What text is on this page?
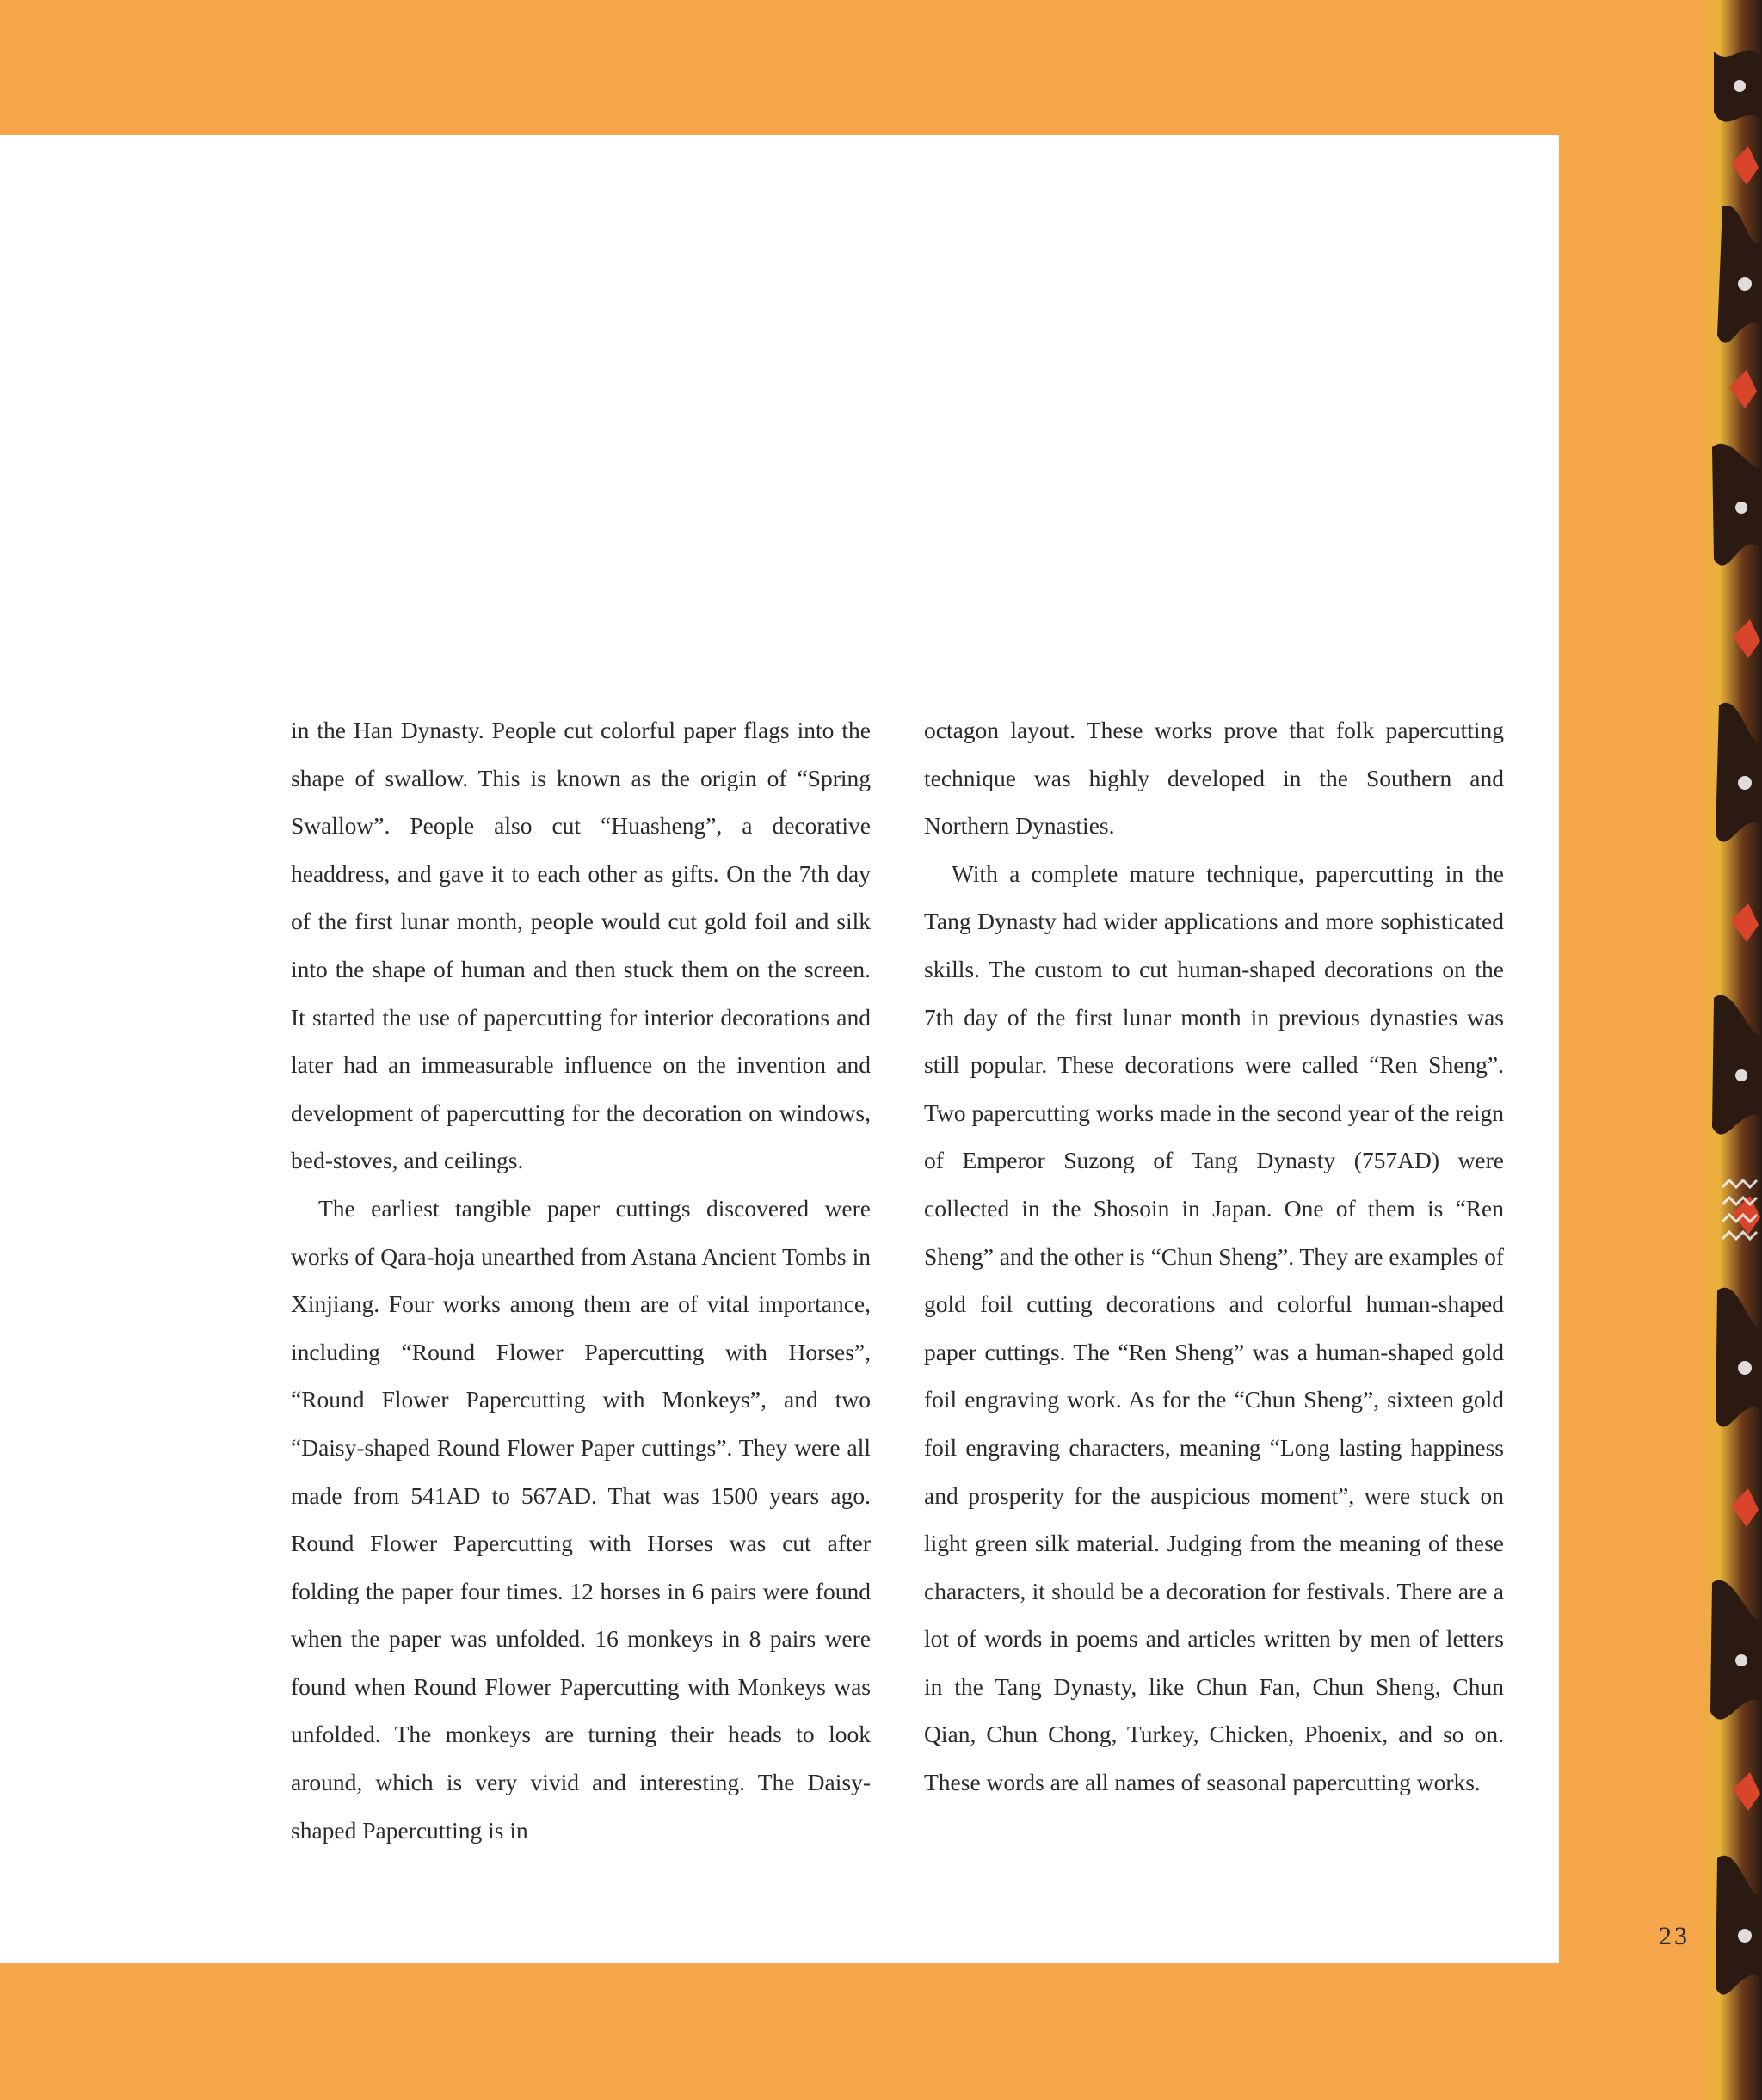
in the Han Dynasty. People cut colorful paper flags into the shape of swallow. This is known as the origin of “Spring Swallow”. People also cut “Huasheng”, a decorative headdress, and gave it to each other as gifts. On the 7th day of the first lunar month, people would cut gold foil and silk into the shape of human and then stuck them on the screen. It started the use of papercutting for interior decorations and later had an immeasurable influence on the invention and development of papercutting for the decoration on windows, bed-stoves, and ceilings.

The earliest tangible paper cuttings discovered were works of Qara-hoja unearthed from Astana Ancient Tombs in Xinjiang. Four works among them are of vital importance, including “Round Flower Papercutting with Horses”, “Round Flower Papercutting with Monkeys”, and two “Daisy-shaped Round Flower Paper cuttings”. They were all made from 541AD to 567AD. That was 1500 years ago. Round Flower Papercutting with Horses was cut after folding the paper four times. 12 horses in 6 pairs were found when the paper was unfolded. 16 monkeys in 8 pairs were found when Round Flower Papercutting with Monkeys was unfolded. The monkeys are turning their heads to look around, which is very vivid and interesting. The Daisy-shaped Papercutting is in

octagon layout. These works prove that folk papercutting technique was highly developed in the Southern and Northern Dynasties.

With a complete mature technique, papercutting in the Tang Dynasty had wider applications and more sophisticated skills. The custom to cut human-shaped decorations on the 7th day of the first lunar month in previous dynasties was still popular. These decorations were called “Ren Sheng”. Two papercutting works made in the second year of the reign of Emperor Suzong of Tang Dynasty (757AD) were collected in the Shosoin in Japan. One of them is “Ren Sheng” and the other is “Chun Sheng”. They are examples of gold foil cutting decorations and colorful human-shaped paper cuttings. The “Ren Sheng” was a human-shaped gold foil engraving work. As for the “Chun Sheng”, sixteen gold foil engraving characters, meaning “Long lasting happiness and prosperity for the auspicious moment”, were stuck on light green silk material. Judging from the meaning of these characters, it should be a decoration for festivals. There are a lot of words in poems and articles written by men of letters in the Tang Dynasty, like Chun Fan, Chun Sheng, Chun Qian, Chun Chong, Turkey, Chicken, Phoenix, and so on. These words are all names of seasonal papercutting works.

23
